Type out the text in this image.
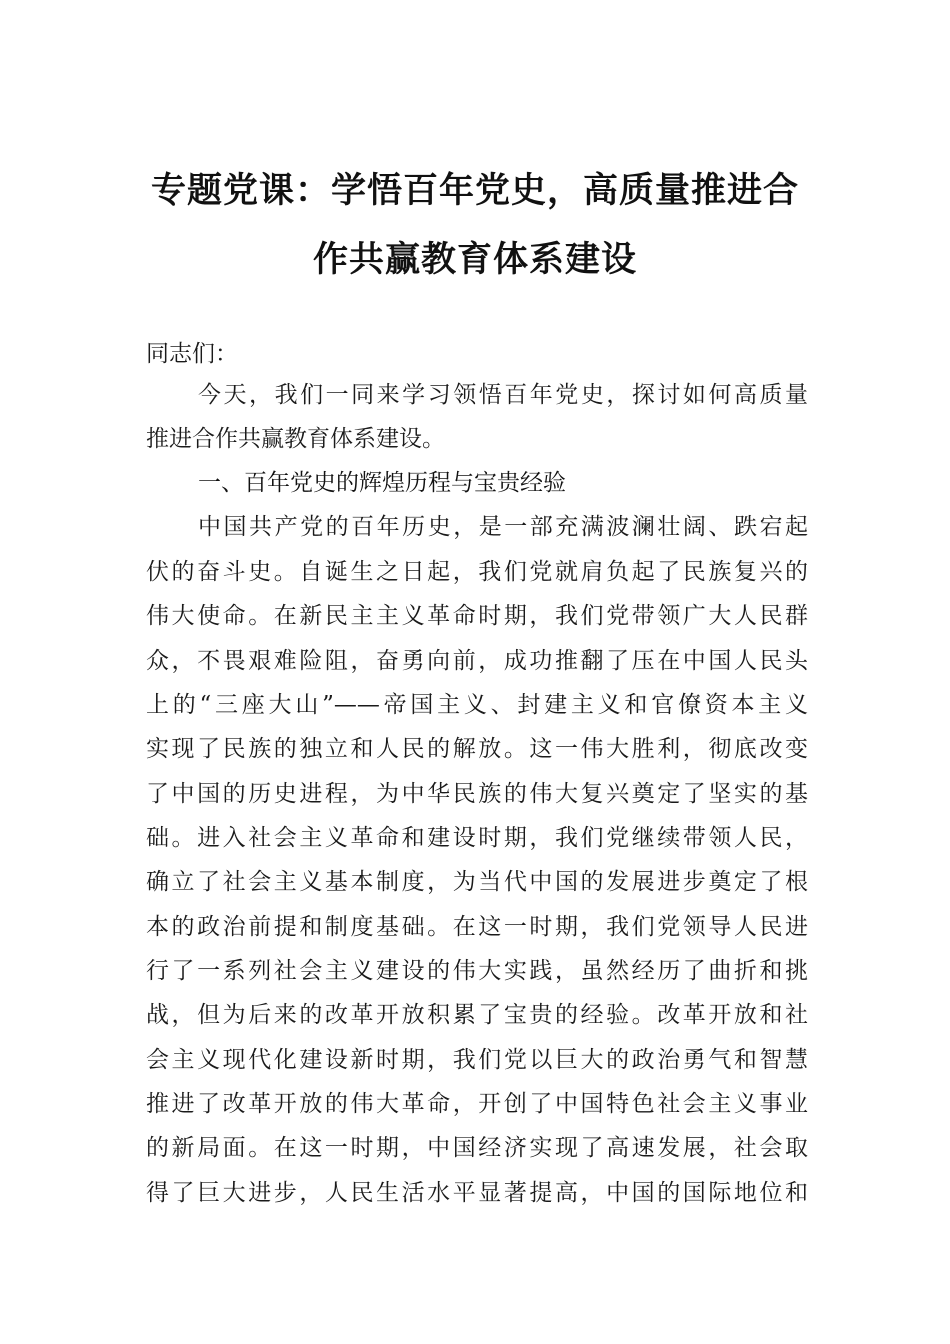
专题党课：学悟百年党史，高质量推进合
作共赢教育体系建设
同志们：
今天，我们一同来学习领悟百年党史，探讨如何高质量
推进合作共赢教育体系建设。
一、百年党史的辉煌历程与宝贵经验
中国共产党的百年历史，是一部充满波澜壮阔、跌宕起
伏的奋斗史。自诞生之日起，我们党就肩负起了民族复兴的
伟大使命。在新民主主义革命时期，我们党带领广大人民群
众，不畏艰难险阻，奋勇向前，成功推翻了压在中国人民头
上的“三座大山”——帝国主义、封建主义和官僚资本主义
实现了民族的独立和人民的解放。这一伟大胜利，彻底改变
了中国的历史进程，为中华民族的伟大复兴奠定了坚实的基
础。进入社会主义革命和建设时期，我们党继续带领人民，
确立了社会主义基本制度，为当代中国的发展进步奠定了根
本的政治前提和制度基础。在这一时期，我们党领导人民进
行了一系列社会主义建设的伟大实践，虽然经历了曲折和挑
战，但为后来的改革开放积累了宝贵的经验。改革开放和社
会主义现代化建设新时期，我们党以巨大的政治勇气和智慧
推进了改革开放的伟大革命，开创了中国特色社会主义事业
的新局面。在这一时期，中国经济实现了高速发展，社会取
得了巨大进步，人民生活水平显著提高，中国的国际地位和
